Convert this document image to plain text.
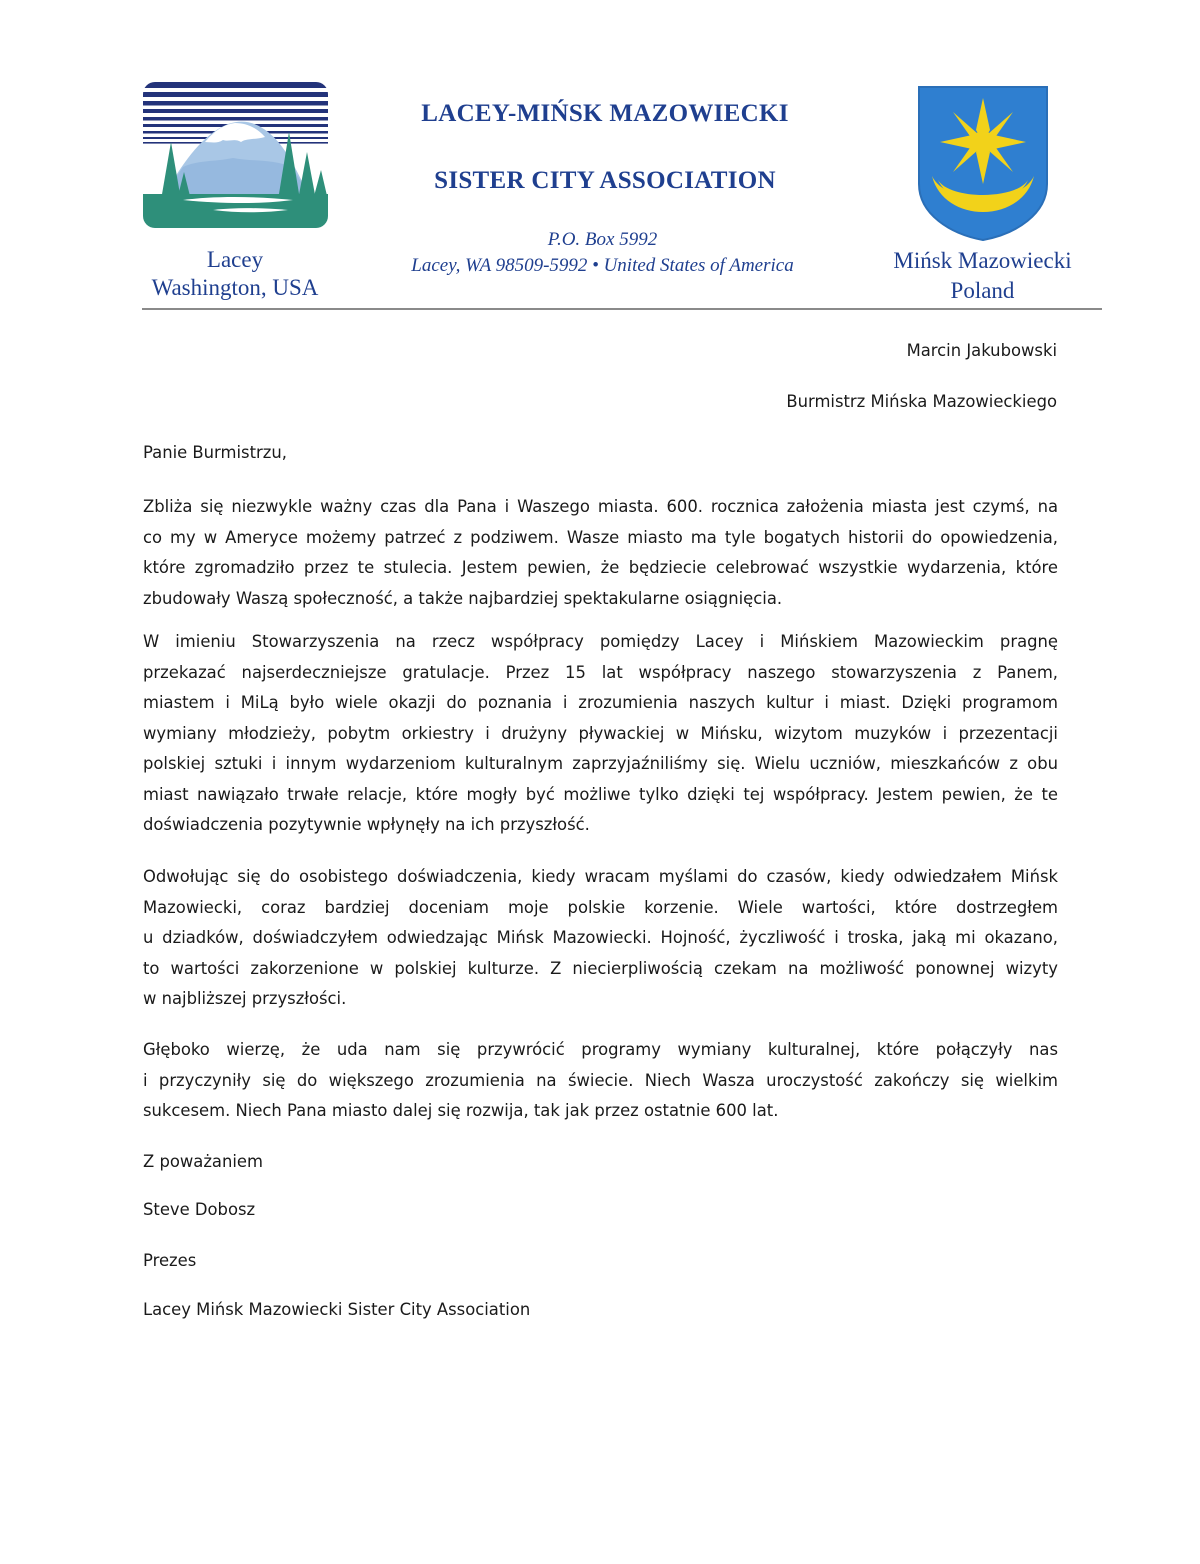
LACEY-MIŃSK MAZOWIECKI
SISTER CITY ASSOCIATION
P.O. Box 5992
Lacey, WA 98509-5992 • United States of America
Lacey
Washington, USA
Mińsk Mazowiecki
Poland
Marcin Jakubowski
Burmistrz Mińska Mazowieckiego
Panie Burmistrzu,
Zbliża się niezwykle ważny czas dla Pana i Waszego miasta. 600. rocznica założenia miasta jest czymś, na
co my w Ameryce możemy patrzeć z podziwem. Wasze miasto ma tyle bogatych historii do opowiedzenia,
które zgromadziło przez te stulecia. Jestem pewien, że będziecie celebrować wszystkie wydarzenia, które
zbudowały Waszą społeczność, a także najbardziej spektakularne osiągnięcia.
W imieniu Stowarzyszenia na rzecz współpracy pomiędzy Lacey i Mińskiem Mazowieckim pragnę
przekazać najserdeczniejsze gratulacje. Przez 15 lat współpracy naszego stowarzyszenia z Panem,
miastem i MiLą było wiele okazji do poznania i zrozumienia naszych kultur i miast. Dzięki programom
wymiany młodzieży, pobytm orkiestry i drużyny pływackiej w Mińsku, wizytom muzyków i przezentacji
polskiej sztuki i innym wydarzeniom kulturalnym zaprzyjaźniliśmy się. Wielu uczniów, mieszkańców z obu
miast nawiązało trwałe relacje, które mogły być możliwe tylko dzięki tej współpracy. Jestem pewien, że te
doświadczenia pozytywnie wpłynęły na ich przyszłość.
Odwołując się do osobistego doświadczenia, kiedy wracam myślami do czasów, kiedy odwiedzałem Mińsk
Mazowiecki, coraz bardziej doceniam moje polskie korzenie. Wiele wartości, które dostrzegłem
u dziadków, doświadczyłem odwiedzając Mińsk Mazowiecki. Hojność, życzliwość i troska, jaką mi okazano,
to wartości zakorzenione w polskiej kulturze. Z niecierpliwością czekam na możliwość ponownej wizyty
w najbliższej przyszłości.
Głęboko wierzę, że uda nam się przywrócić programy wymiany kulturalnej, które połączyły nas
i przyczyniły się do większego zrozumienia na świecie. Niech Wasza uroczystość zakończy się wielkim
sukcesem. Niech Pana miasto dalej się rozwija, tak jak przez ostatnie 600 lat.
Z poważaniem
Steve Dobosz
Prezes
Lacey Mińsk Mazowiecki Sister City Association
